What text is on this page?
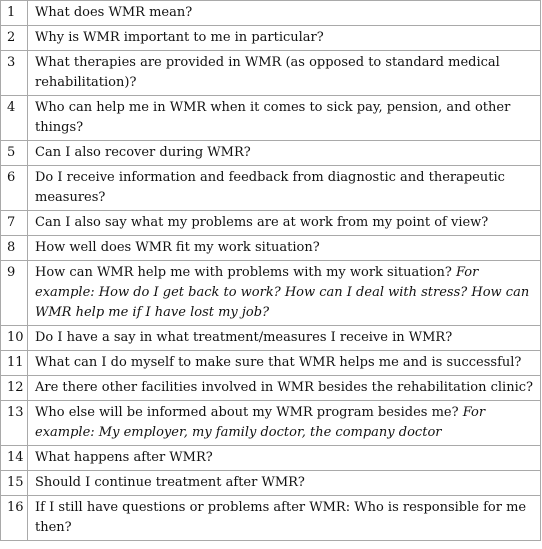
1	What does WMR mean?
2	Why is WMR important to me in particular?
3	What therapies are provided in WMR (as opposed to standard medical rehabilitation)?
4	Who can help me in WMR when it comes to sick pay, pension, and other things?
5	Can I also recover during WMR?
6	Do I receive information and feedback from diagnostic and therapeutic measures?
7	Can I also say what my problems are at work from my point of view?
8	How well does WMR fit my work situation?
9	How can WMR help me with problems with my work situation? For example: How do I get back to work? How can I deal with stress? How can WMR help me if I have lost my job?
10	Do I have a say in what treatment/measures I receive in WMR?
11	What can I do myself to make sure that WMR helps me and is successful?
12	Are there other facilities involved in WMR besides the rehabilitation clinic?
13	Who else will be informed about my WMR program besides me? For example: My employer, my family doctor, the company doctor
14	What happens after WMR?
15	Should I continue treatment after WMR?
16	If I still have questions or problems after WMR: Who is responsible for me then?
